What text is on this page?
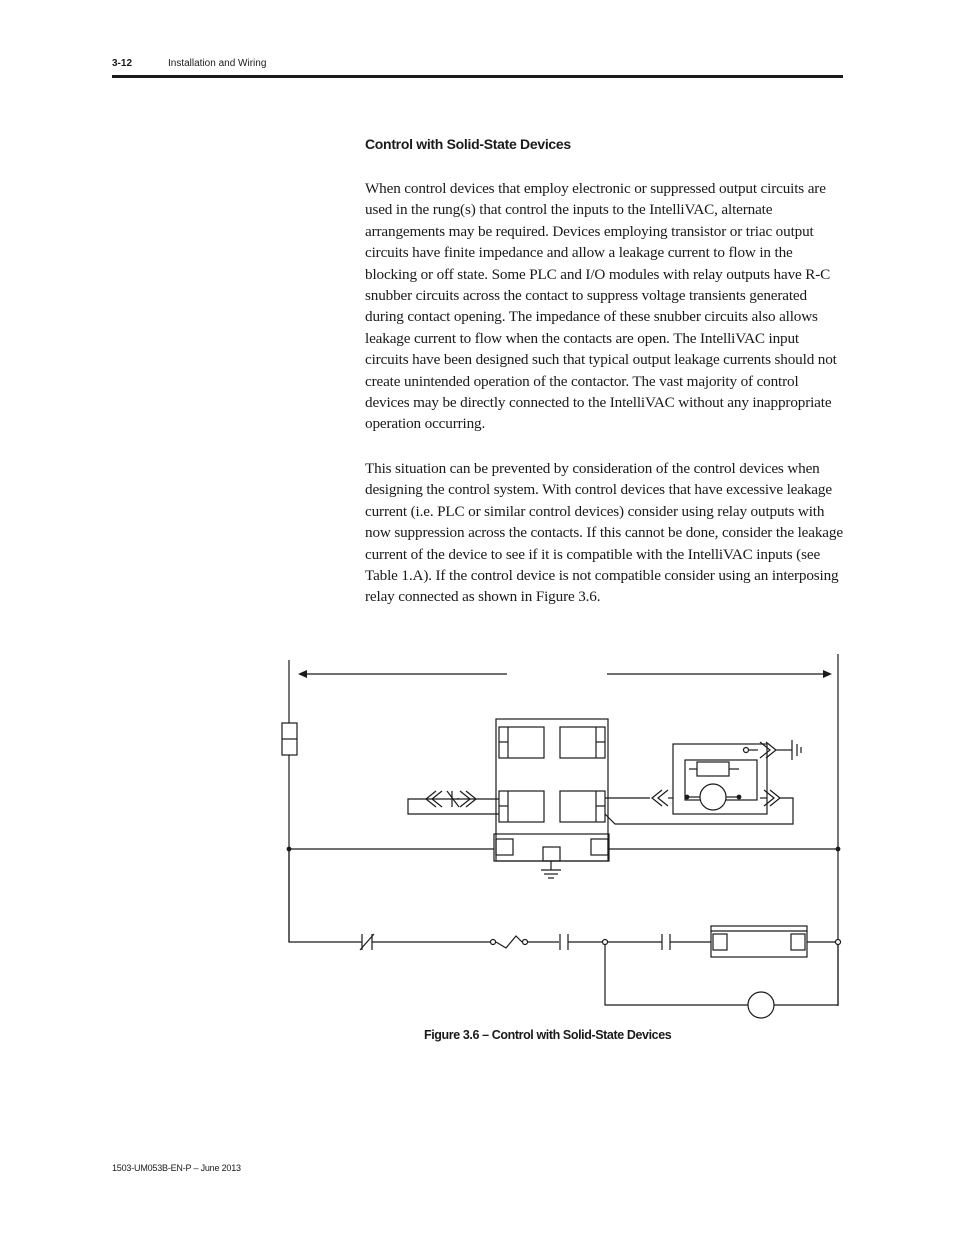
3-12	Installation and Wiring
Control with Solid-State Devices

When control devices that employ electronic or suppressed output circuits are used in the rung(s) that control the inputs to the IntelliVAC, alternate arrangements may be required. Devices employing transistor or triac output circuits have finite impedance and allow a leakage current to flow in the blocking or off state. Some PLC and I/O modules with relay outputs have R-C snubber circuits across the contact to suppress voltage transients generated during contact opening. The impedance of these snubber circuits also allows leakage current to flow when the contacts are open. The IntelliVAC input circuits have been designed such that typical output leakage currents should not create unintended operation of the contactor. The vast majority of control devices may be directly connected to the IntelliVAC without any inappropriate operation occurring.

This situation can be prevented by consideration of the control devices when designing the control system. With control devices that have excessive leakage current (i.e. PLC or similar control devices) consider using relay outputs with now suppression across the contacts. If this cannot be done, consider the leakage current of the device to see if it is compatible with the IntelliVAC inputs (see Table 1.A). If the control device is not compatible consider using an interposing relay connected as shown in Figure 3.6.

Figure 3.6 – Control with Solid-State Devices
1503-UM053B-EN-P – June 2013
